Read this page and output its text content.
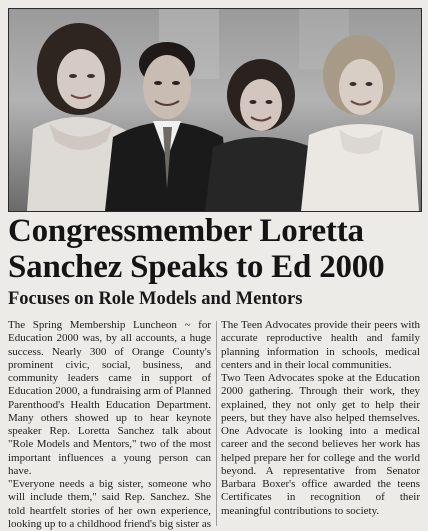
Congressmember Loretta Sanchez Speaks to Ed 2000
Focuses on Role Models and Mentors

The Spring Membership Luncheon ~ for Education 2000 was, by all accounts, a huge success. Nearly 300 of Orange County's prominent civic, social, business, and community leaders came in support of Education 2000, a fundraising arm of Planned Parenthood's Health Education Department. Many others showed up to hear keynote speaker Rep. Loretta Sanchez talk about "Role Models and Mentors," two of the most important influences a young person can have.

"Everyone needs a big sister, someone who will include them," said Rep. Sanchez. She told heartfelt stories of her own experience, looking up to a childhood friend's big sister as

The Teen Advocates provide their peers with accurate reproductive health and family planning information in schools, medical centers and in their local communities.

Two Teen Advocates spoke at the Education 2000 gathering. Through their work, they explained, they not only get to help their peers, but they have also helped themselves. One Advocate is looking into a medical career and the second believes her work has helped prepare her for college and the world beyond. A representative from Senator Barbara Boxer's office awarded the teens Certificates in recognition of their meaningful contributions to society.
